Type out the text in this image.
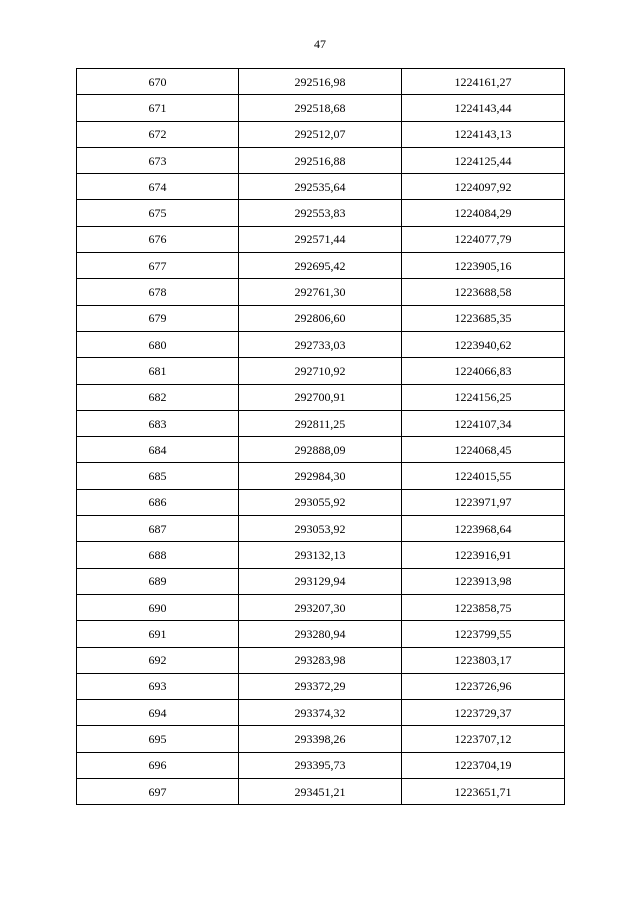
47
670	292516,98	1224161,27
671	292518,68	1224143,44
672	292512,07	1224143,13
673	292516,88	1224125,44
674	292535,64	1224097,92
675	292553,83	1224084,29
676	292571,44	1224077,79
677	292695,42	1223905,16
678	292761,30	1223688,58
679	292806,60	1223685,35
680	292733,03	1223940,62
681	292710,92	1224066,83
682	292700,91	1224156,25
683	292811,25	1224107,34
684	292888,09	1224068,45
685	292984,30	1224015,55
686	293055,92	1223971,97
687	293053,92	1223968,64
688	293132,13	1223916,91
689	293129,94	1223913,98
690	293207,30	1223858,75
691	293280,94	1223799,55
692	293283,98	1223803,17
693	293372,29	1223726,96
694	293374,32	1223729,37
695	293398,26	1223707,12
696	293395,73	1223704,19
697	293451,21	1223651,71
